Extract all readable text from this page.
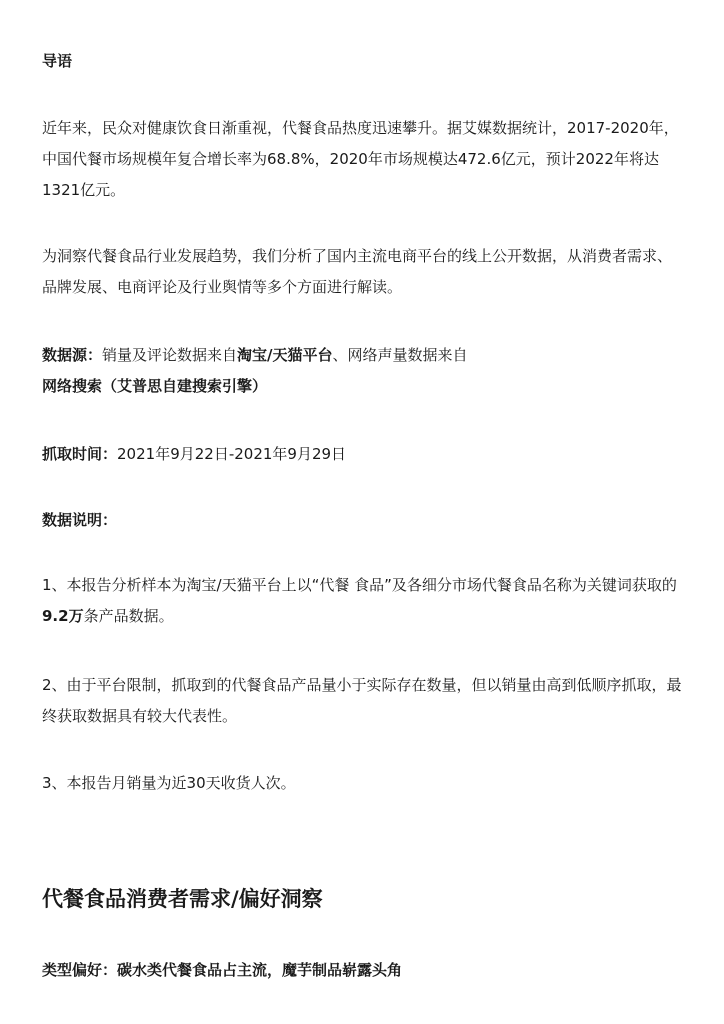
导语

近年来，民众对健康饮食日渐重视，代餐食品热度迅速攀升。据艾媒数据统计，2017-2020年，中国代餐市场规模年复合增长率为68.8%，2020年市场规模达472.6亿元，预计2022年将达1321亿元。

为洞察代餐食品行业发展趋势，我们分析了国内主流电商平台的线上公开数据，从消费者需求、品牌发展、电商评论及行业舆情等多个方面进行解读。

数据源：销量及评论数据来自淘宝/天猫平台、网络声量数据来自网络搜索（艾普思自建搜索引擎）

抓取时间：2021年9月22日-2021年9月29日

数据说明：

1、本报告分析样本为淘宝/天猫平台上以“代餐 食品”及各细分市场代餐食品名称为关键词获取的9.2万条产品数据。

2、由于平台限制，抓取到的代餐食品产品量小于实际存在数量，但以销量由高到低顺序抓取，最终获取数据具有较大代表性。

3、本报告月销量为近30天收货人次。

代餐食品消费者需求/偏好洞察

类型偏好：碳水类代餐食品占主流，魔芋制品崭露头角
